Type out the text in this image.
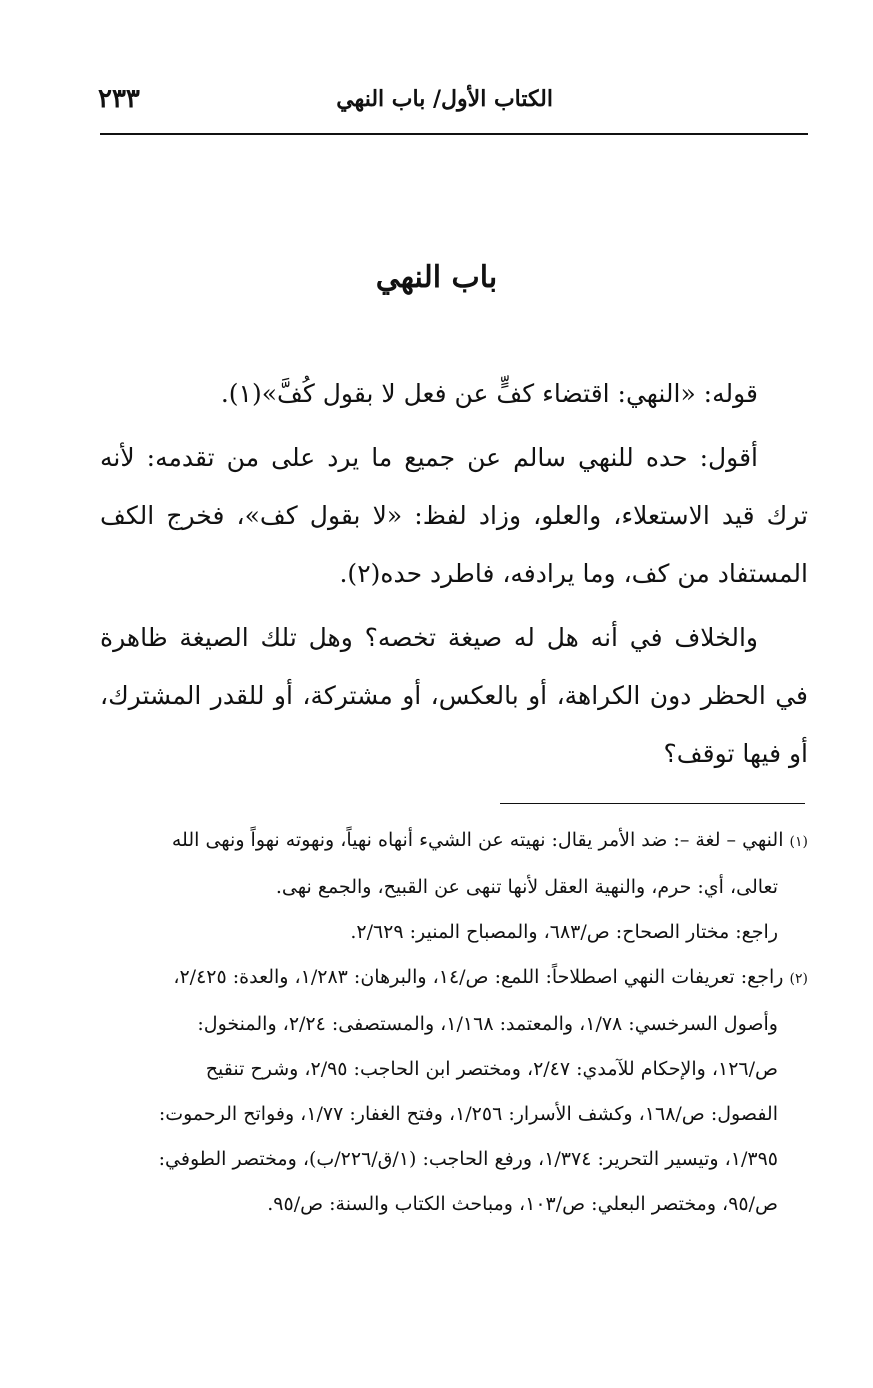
الكتاب الأول/ باب النهي
٢٣٣
باب النهي

قوله: «النهي: اقتضاء كفٍّ عن فعل لا بقول كُفَّ»(١).

أقول: حده للنهي سالم عن جميع ما يرد على من تقدمه: لأنه ترك قيد الاستعلاء، والعلو، وزاد لفظ: «لا بقول كف»، فخرج الكف المستفاد من كف، وما يرادفه، فاطرد حده(٢).

والخلاف في أنه هل له صيغة تخصه؟ وهل تلك الصيغة ظاهرة في الحظر دون الكراهة، أو بالعكس، أو مشتركة، أو للقدر المشترك، أو فيها توقف؟

(١) النهي – لغة –: ضد الأمر يقال: نهيته عن الشيء أنهاه نهياً، ونهوته نهواً ونهى الله
تعالى، أي: حرم، والنهية العقل لأنها تنهى عن القبيح، والجمع نهى.
راجع: مختار الصحاح: ص/٦٨٣، والمصباح المنير: ٢/٦٢٩.
(٢) راجع: تعريفات النهي اصطلاحاً: اللمع: ص/١٤، والبرهان: ١/٢٨٣، والعدة: ٢/٤٢٥،
وأصول السرخسي: ١/٧٨، والمعتمد: ١/١٦٨، والمستصفى: ٢/٢٤، والمنخول:
ص/١٢٦، والإحكام للآمدي: ٢/٤٧، ومختصر ابن الحاجب: ٢/٩٥، وشرح تنقيح
الفصول: ص/١٦٨، وكشف الأسرار: ١/٢٥٦، وفتح الغفار: ١/٧٧، وفواتح الرحموت:
١/٣٩٥، وتيسير التحرير: ١/٣٧٤، ورفع الحاجب: (١/ق/٢٢٦/ب)، ومختصر الطوفي:
ص/٩٥، ومختصر البعلي: ص/١٠٣، ومباحث الكتاب والسنة: ص/٩٥.
